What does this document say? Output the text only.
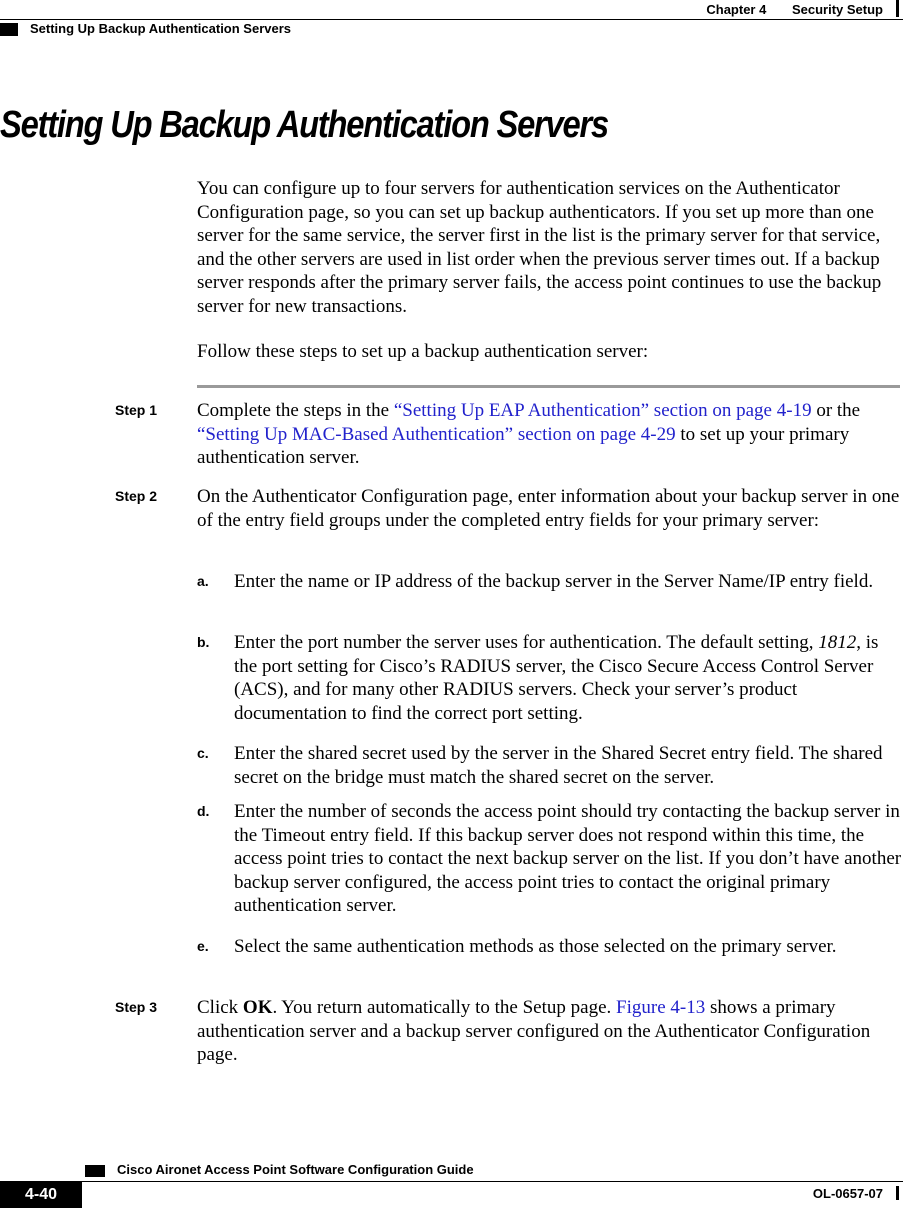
Chapter 4 Security Setup
Setting Up Backup Authentication Servers
Setting Up Backup Authentication Servers

You can configure up to four servers for authentication services on the Authenticator Configuration page, so you can set up backup authenticators. If you set up more than one server for the same service, the server first in the list is the primary server for that service, and the other servers are used in list order when the previous server times out. If a backup server responds after the primary server fails, the access point continues to use the backup server for new transactions.

Follow these steps to set up a backup authentication server:

Step 1 Complete the steps in the “Setting Up EAP Authentication” section on page 4-19 or the “Setting Up MAC-Based Authentication” section on page 4-29 to set up your primary authentication server.

Step 2 On the Authenticator Configuration page, enter information about your backup server in one of the entry field groups under the completed entry fields for your primary server:

a. Enter the name or IP address of the backup server in the Server Name/IP entry field.

b. Enter the port number the server uses for authentication. The default setting, 1812, is the port setting for Cisco’s RADIUS server, the Cisco Secure Access Control Server (ACS), and for many other RADIUS servers. Check your server’s product documentation to find the correct port setting.

c. Enter the shared secret used by the server in the Shared Secret entry field. The shared secret on the bridge must match the shared secret on the server.

d. Enter the number of seconds the access point should try contacting the backup server in the Timeout entry field. If this backup server does not respond within this time, the access point tries to contact the next backup server on the list. If you don’t have another backup server configured, the access point tries to contact the original primary authentication server.

e. Select the same authentication methods as those selected on the primary server.

Step 3 Click OK. You return automatically to the Setup page. Figure 4-13 shows a primary authentication server and a backup server configured on the Authenticator Configuration page.

Cisco Aironet Access Point Software Configuration Guide
4-40	OL-0657-07
